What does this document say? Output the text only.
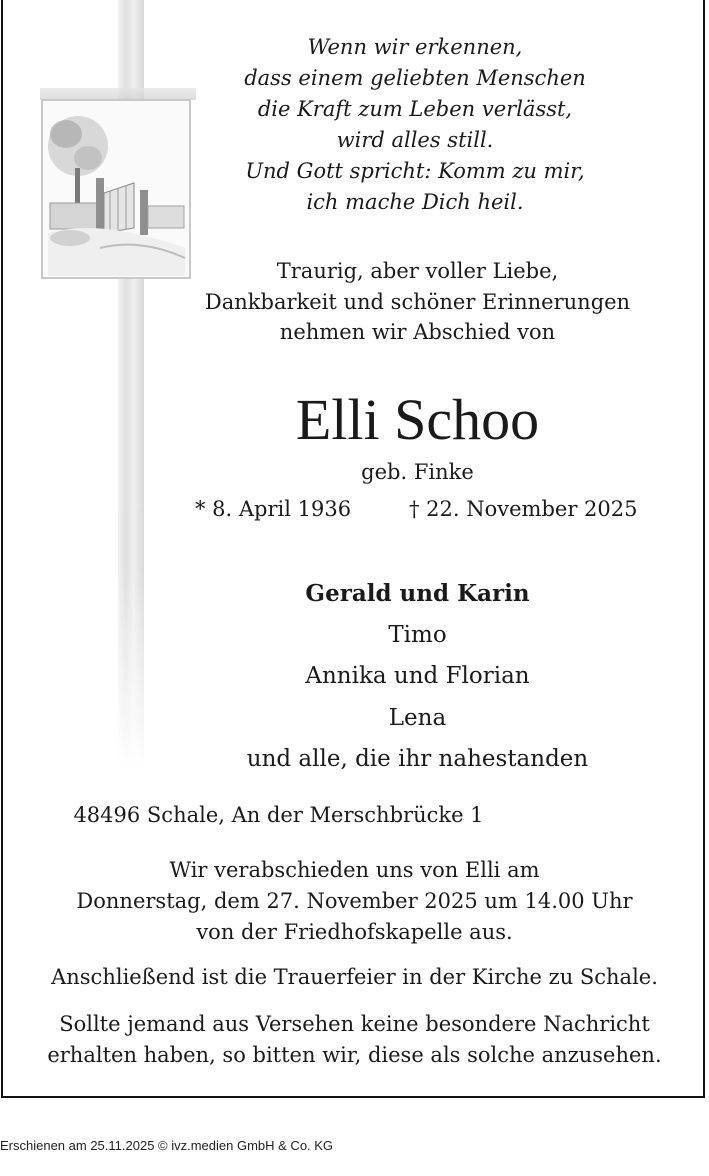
Wenn wir erkennen,
dass einem geliebten Menschen
die Kraft zum Leben verlässt,
wird alles still.
Und Gott spricht: Komm zu mir,
ich mache Dich heil.
Traurig, aber voller Liebe,
Dankbarkeit und schöner Erinnerungen
nehmen wir Abschied von
Elli Schoo
geb. Finke
* 8. April 1936	† 22. November 2025
Gerald und Karin
Timo
Annika und Florian
Lena
und alle, die ihr nahestanden
48496 Schale, An der Merschbrücke 1
Wir verabschieden uns von Elli am
Donnerstag, dem 27. November 2025 um 14.00 Uhr
von der Friedhofskapelle aus.
Anschließend ist die Trauerfeier in der Kirche zu Schale.
Sollte jemand aus Versehen keine besondere Nachricht
erhalten haben, so bitten wir, diese als solche anzusehen.
Erschienen am 25.11.2025 © ivz.medien GmbH & Co. KG
